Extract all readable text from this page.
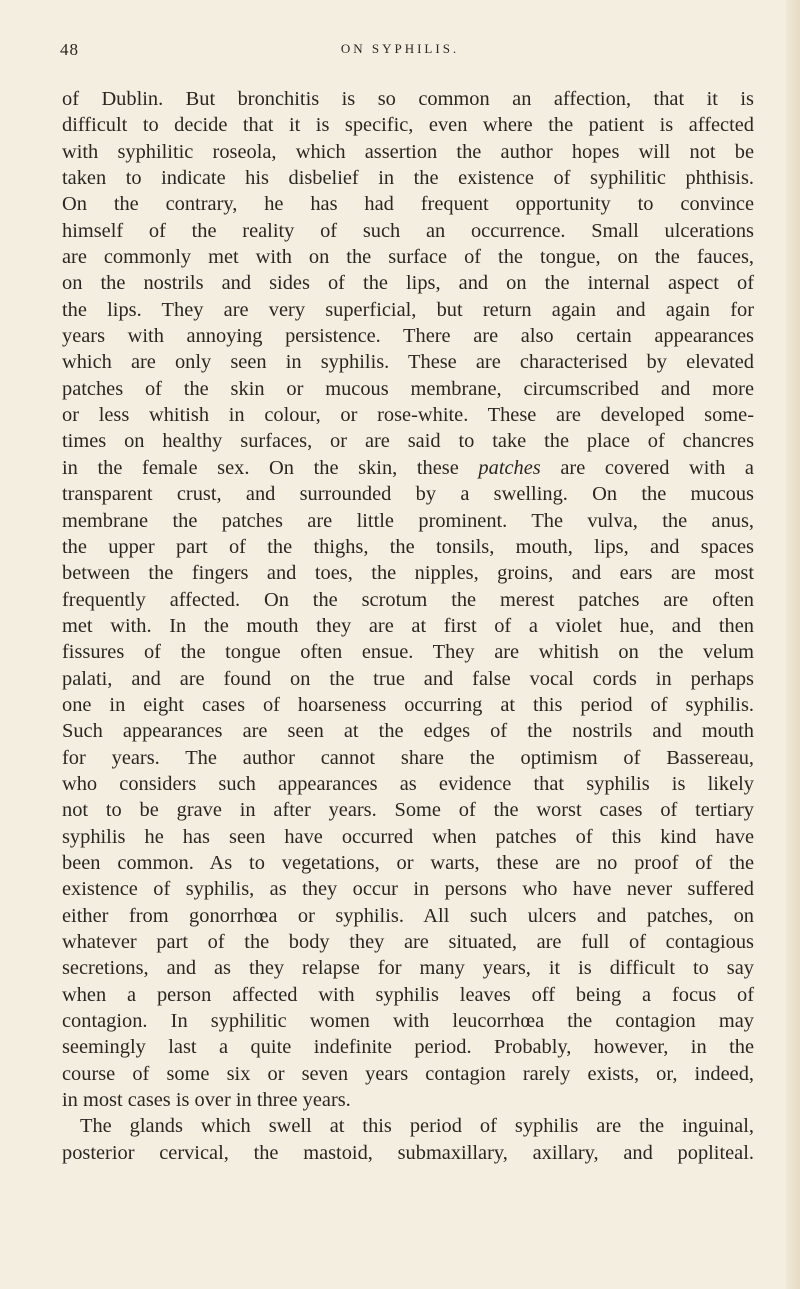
48	ON SYPHILIS.
of Dublin. But bronchitis is so common an affection, that it is
difficult to decide that it is specific, even where the patient is affected
with syphilitic roseola, which assertion the author hopes will not be
taken to indicate his disbelief in the existence of syphilitic phthisis.
On the contrary, he has had frequent opportunity to convince
himself of the reality of such an occurrence. Small ulcerations
are commonly met with on the surface of the tongue, on the fauces,
on the nostrils and sides of the lips, and on the internal aspect of
the lips. They are very superficial, but return again and again for
years with annoying persistence. There are also certain appearances
which are only seen in syphilis. These are characterised by elevated
patches of the skin or mucous membrane, circumscribed and more
or less whitish in colour, or rose-white. These are developed some-
times on healthy surfaces, or are said to take the place of chancres
in the female sex. On the skin, these patches are covered with a
transparent crust, and surrounded by a swelling. On the mucous
membrane the patches are little prominent. The vulva, the anus,
the upper part of the thighs, the tonsils, mouth, lips, and spaces
between the fingers and toes, the nipples, groins, and ears are most
frequently affected. On the scrotum the merest patches are often
met with. In the mouth they are at first of a violet hue, and then
fissures of the tongue often ensue. They are whitish on the velum
palati, and are found on the true and false vocal cords in perhaps
one in eight cases of hoarseness occurring at this period of syphilis.
Such appearances are seen at the edges of the nostrils and mouth
for years. The author cannot share the optimism of Bassereau,
who considers such appearances as evidence that syphilis is likely
not to be grave in after years. Some of the worst cases of tertiary
syphilis he has seen have occurred when patches of this kind have
been common. As to vegetations, or warts, these are no proof of the
existence of syphilis, as they occur in persons who have never suffered
either from gonorrhœa or syphilis. All such ulcers and patches, on
whatever part of the body they are situated, are full of contagious
secretions, and as they relapse for many years, it is difficult to say
when a person affected with syphilis leaves off being a focus of
contagion. In syphilitic women with leucorrhœa the contagion may
seemingly last a quite indefinite period. Probably, however, in the
course of some six or seven years contagion rarely exists, or, indeed,
in most cases is over in three years.
The glands which swell at this period of syphilis are the inguinal,
posterior cervical, the mastoid, submaxillary, axillary, and popliteal.
